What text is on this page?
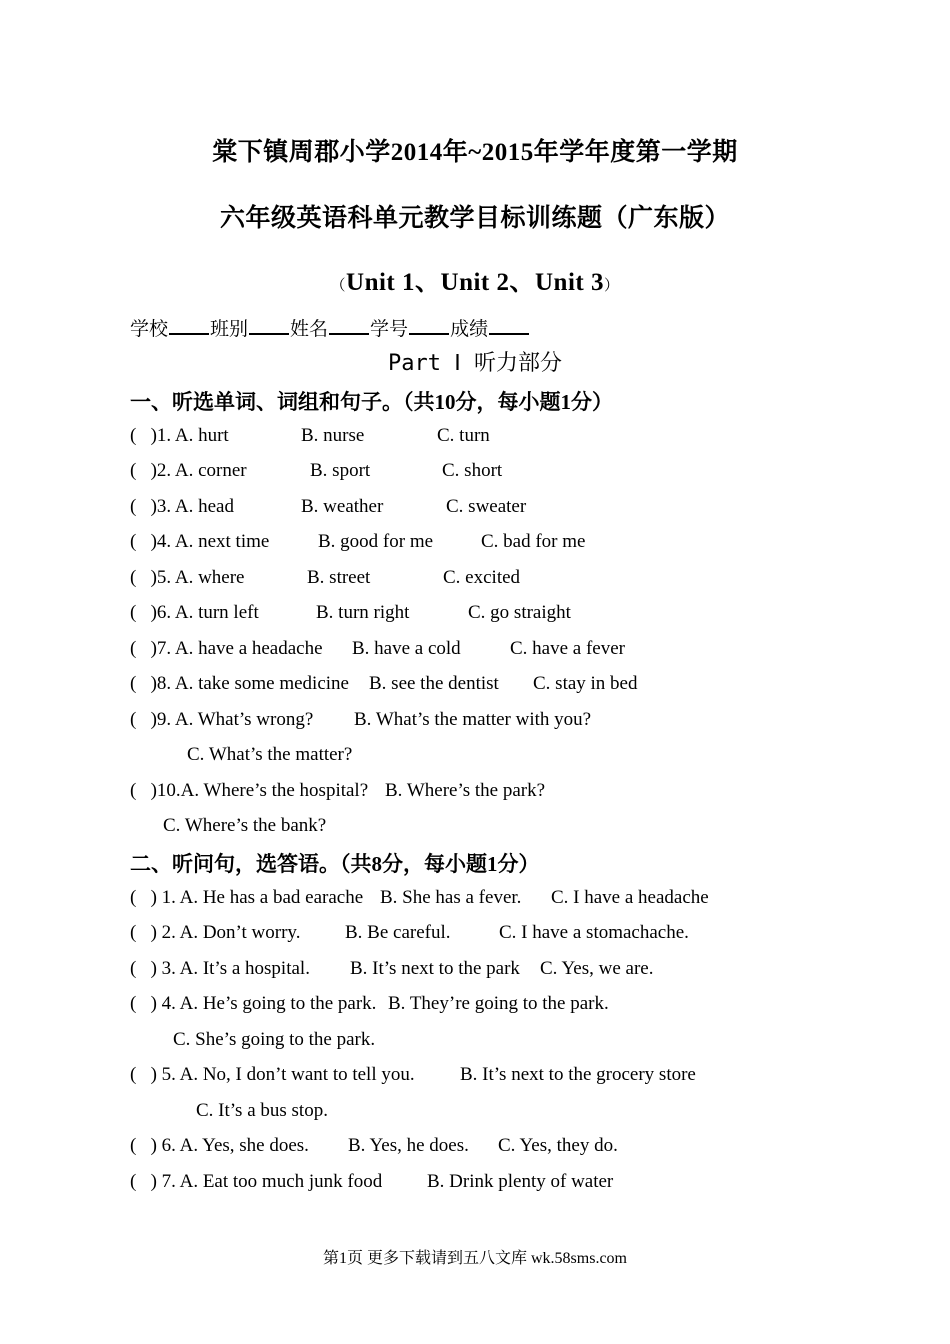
棠下镇周郡小学2014年~2015年学年度第一学期
六年级英语科单元教学目标训练题（广东版）
（Unit 1、Unit 2、Unit 3）
学校 班别 姓名 学号 成绩
Part Ⅰ 听力部分
一、听选单词、词组和句子。（共10分，每小题1分）

(   )1. A. hurt

	B. nurse

	C. turn

(   )2. A. corner

	B. sport

	C. short

(   )3. A. head

	B. weather

	C. sweater

(   )4. A. next time

	B. good for me

	C. bad for me

(   )5. A. where

	B. street

	C. excited

(   )6. A. turn left

	B. turn right

	C. go straight

(   )7. A. have a headache

B. have a cold

	C. have a fever

(   )8. A. take some medicine

B. see the dentist

C. stay in bed

(   )9. A. What’s wrong?

B. What’s the matter with you?

C. What’s the matter?

(   )10.A. Where’s the hospital?

B. Where’s the park?

C. Where’s the bank?
二、听问句，选答语。（共8分，每小题1分）

(   ) 1. A. He has a bad earache

B. She has a fever.

C. I have a headache

(   ) 2. A. Don’t worry.

B. Be careful.

	C. I have a stomachache.

(   ) 3. A. It’s a hospital.

B. It’s next to the park

C. Yes, we are.

(   ) 4. A. He’s going to the park.

B. They’re going to the park.

C. She’s going to the park.

(   ) 5. A. No, I don’t want to tell you.

B. It’s next to the grocery store

C. It’s a bus stop.

(   ) 6. A. Yes, she does.

B. Yes, he does.

C. Yes, they do.

(   ) 7. A. Eat too much junk food

B. Drink plenty of water

第1页 更多下载请到五八文库 wk.58sms.com
